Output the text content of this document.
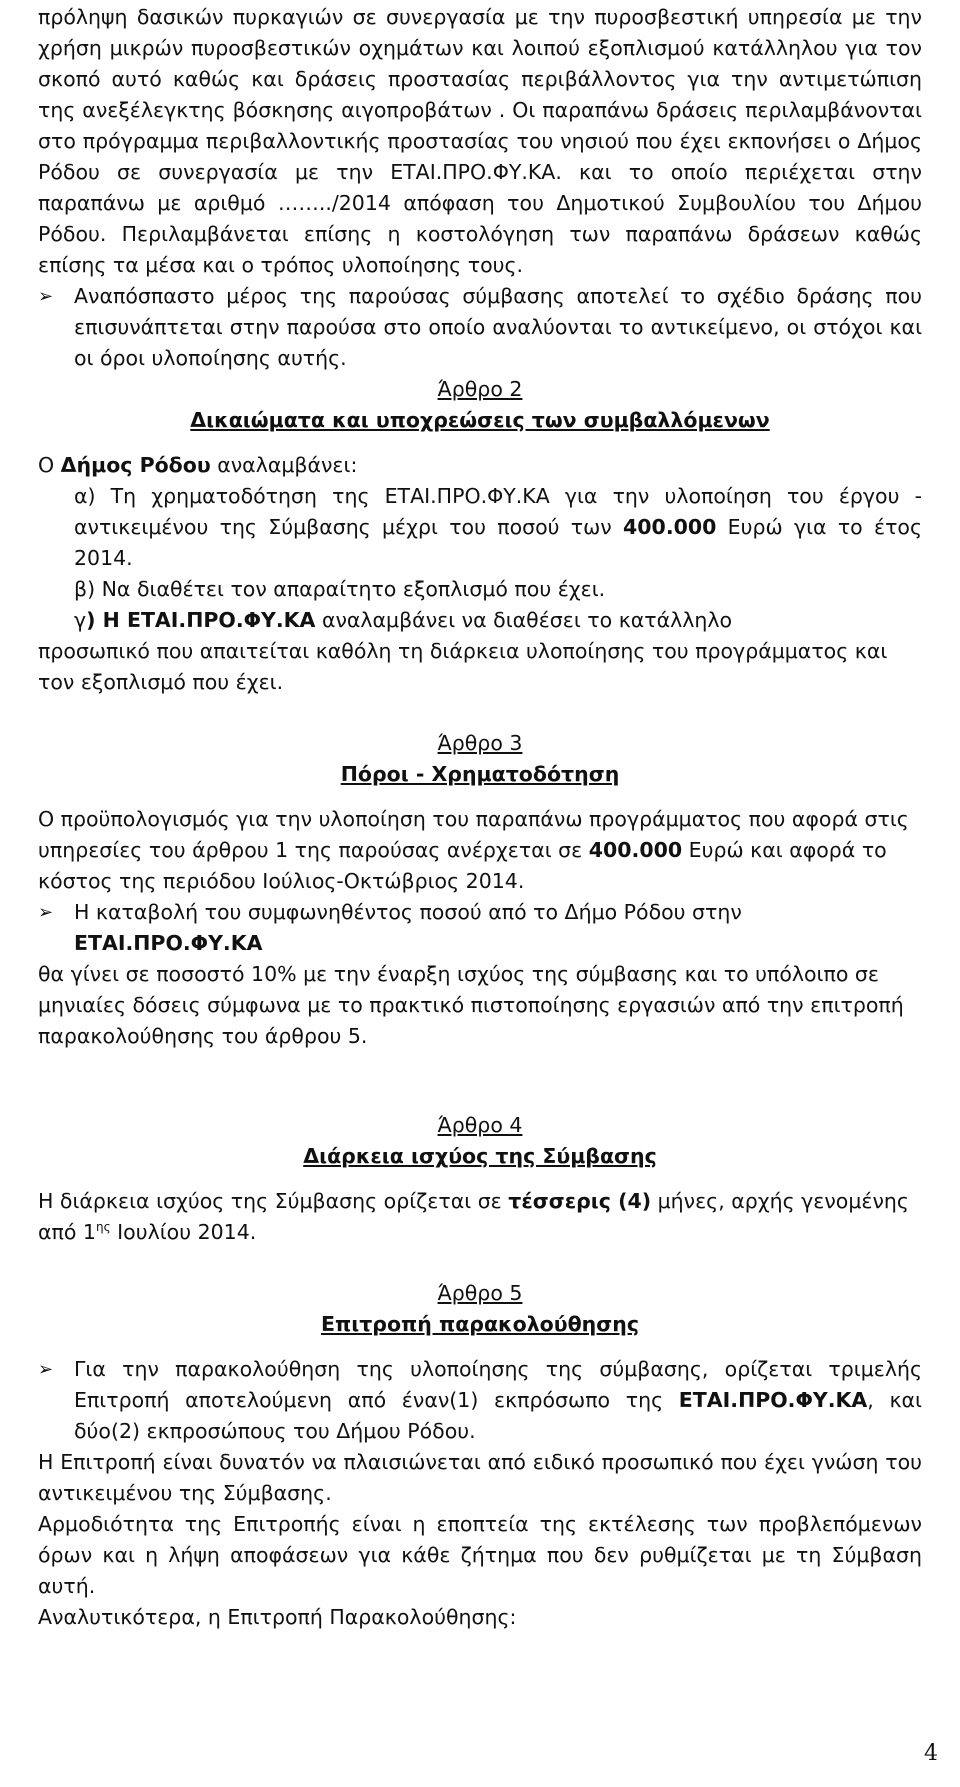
πρόληψη δασικών πυρκαγιών σε συνεργασία με την πυροσβεστική υπηρεσία με την χρήση μικρών πυροσβεστικών οχημάτων και λοιπού εξοπλισμού κατάλληλου για τον σκοπό αυτό καθώς και δράσεις προστασίας περιβάλλοντος για την αντιμετώπιση της ανεξέλεγκτης βόσκησης αιγοπροβάτων . Οι παραπάνω δράσεις περιλαμβάνονται στο πρόγραμμα περιβαλλοντικής προστασίας του νησιού που έχει εκπονήσει ο Δήμος Ρόδου σε συνεργασία με την ΕΤΑΙ.ΠΡΟ.ΦΥ.ΚΑ. και το οποίο περιέχεται στην παραπάνω με αριθμό ……../2014 απόφαση του Δημοτικού Συμβουλίου του Δήμου Ρόδου. Περιλαμβάνεται επίσης η κοστολόγηση των παραπάνω δράσεων καθώς επίσης τα μέσα και ο τρόπος υλοποίησης τους.

➢ Αναπόσπαστο μέρος της παρούσας σύμβασης αποτελεί το σχέδιο δράσης που επισυνάπτεται στην παρούσα στο οποίο αναλύονται το αντικείμενο, οι στόχοι και οι όροι υλοποίησης αυτής.

Άρθρο 2

Δικαιώματα και υποχρεώσεις των συμβαλλόμενων

Ο Δήμος Ρόδου αναλαμβάνει:

α) Τη χρηματοδότηση της ΕΤΑΙ.ΠΡΟ.ΦΥ.ΚΑ για την υλοποίηση του έργου - αντικειμένου της Σύμβασης μέχρι του ποσού των 400.000 Ευρώ για το έτος 2014.

β) Να διαθέτει τον απαραίτητο εξοπλισμό που έχει.

γ) Η ΕΤΑΙ.ΠΡΟ.ΦΥ.ΚΑ αναλαμβάνει να διαθέσει το κατάλληλο

προσωπικό που απαιτείται καθόλη τη διάρκεια υλοποίησης του προγράμματος και τον εξοπλισμό που έχει.

Άρθρο 3

Πόροι - Χρηματοδότηση

Ο προϋπολογισμός για την υλοποίηση του παραπάνω προγράμματος που αφορά στις υπηρεσίες του άρθρου 1 της παρούσας ανέρχεται σε 400.000 Ευρώ και αφορά το κόστος της περιόδου Ιούλιος-Οκτώβριος 2014.

➢ Η καταβολή του συμφωνηθέντος ποσού από το Δήμο Ρόδου στην
ΕΤΑΙ.ΠΡΟ.ΦΥ.ΚΑ

θα γίνει σε ποσοστό 10% με την έναρξη ισχύος της σύμβασης και το υπόλοιπο σε μηνιαίες δόσεις σύμφωνα με το πρακτικό πιστοποίησης εργασιών από την επιτροπή παρακολούθησης του άρθρου 5.

Άρθρο 4

Διάρκεια ισχύος της Σύμβασης

Η διάρκεια ισχύος της Σύμβασης ορίζεται σε τέσσερις (4) μήνες, αρχής γενομένης από $1^{\eta\varsigma}$ Ιουλίου 2014.

Άρθρο 5

Επιτροπή παρακολούθησης

➢ Για την παρακολούθηση της υλοποίησης της σύμβασης, ορίζεται τριμελής Επιτροπή αποτελούμενη από έναν(1) εκπρόσωπο της ΕΤΑΙ.ΠΡΟ.ΦΥ.ΚΑ, και δύο(2) εκπροσώπους του Δήμου Ρόδου.

Η Επιτροπή είναι δυνατόν να πλαισιώνεται από ειδικό προσωπικό που έχει γνώση του αντικειμένου της Σύμβασης.

Αρμοδιότητα της Επιτροπής είναι η εποπτεία της εκτέλεσης των προβλεπόμενων όρων και η λήψη αποφάσεων για κάθε ζήτημα που δεν ρυθμίζεται με τη Σύμβαση αυτή.

Αναλυτικότερα, η Επιτροπή Παρακολούθησης:

4
